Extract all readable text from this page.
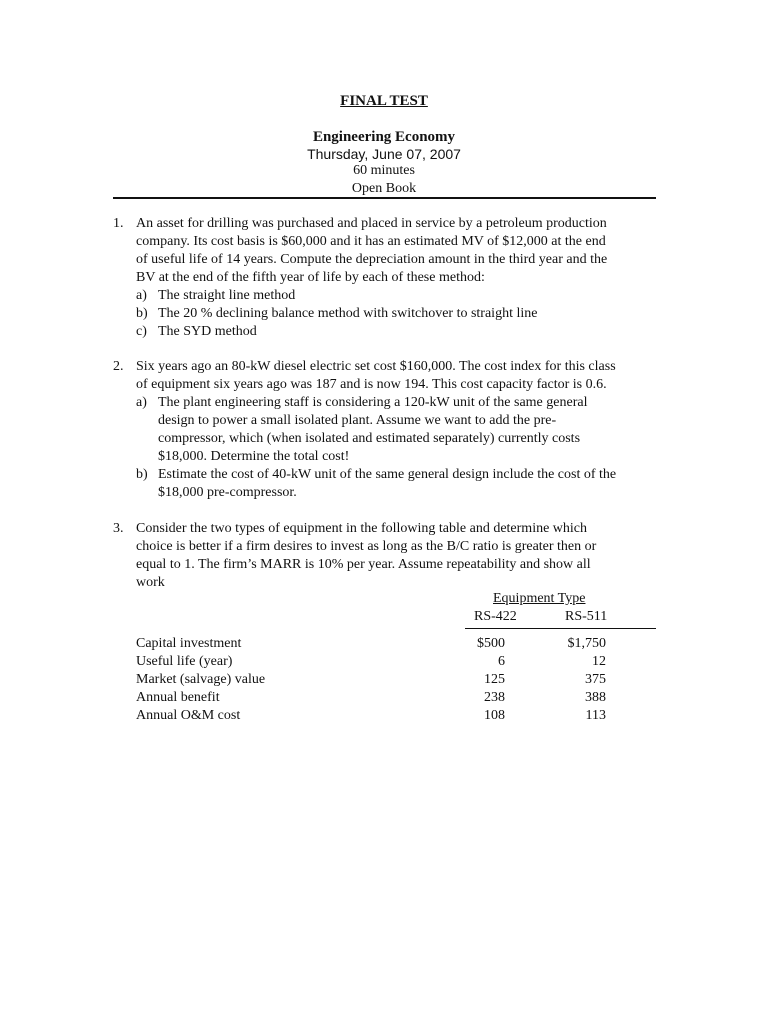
FINAL TEST
Engineering Economy
Thursday, June 07, 2007
60 minutes
Open Book
1. An asset for drilling was purchased and placed in service by a petroleum production
company. Its cost basis is $60,000 and it has an estimated MV of $12,000 at the end
of useful life of 14 years. Compute the depreciation amount in the third year and the
BV at the end of the fifth year of life by each of these method:
a) The straight line method
b) The 20 % declining balance method with switchover to straight line
c) The SYD method
2. Six years ago an 80-kW diesel electric set cost $160,000. The cost index for this class
of equipment six years ago was 187 and is now 194. This cost capacity factor is 0.6.
a) The plant engineering staff is considering a 120-kW unit of the same general
design to power a small isolated plant. Assume we want to add the pre-
compressor, which (when isolated and estimated separately) currently costs
$18,000. Determine the total cost!
b) Estimate the cost of 40-kW unit of the same general design include the cost of the
$18,000 pre-compressor.
3. Consider the two types of equipment in the following table and determine which
choice is better if a firm desires to invest as long as the B/C ratio is greater then or
equal to 1. The firm’s MARR is 10% per year. Assume repeatability and show all
work
Equipment Type
RS-422	RS-511
Capital investment	$500	$1,750
Useful life (year)	6	12
Market (salvage) value	125	375
Annual benefit	238	388
Annual O&M cost	108	113
